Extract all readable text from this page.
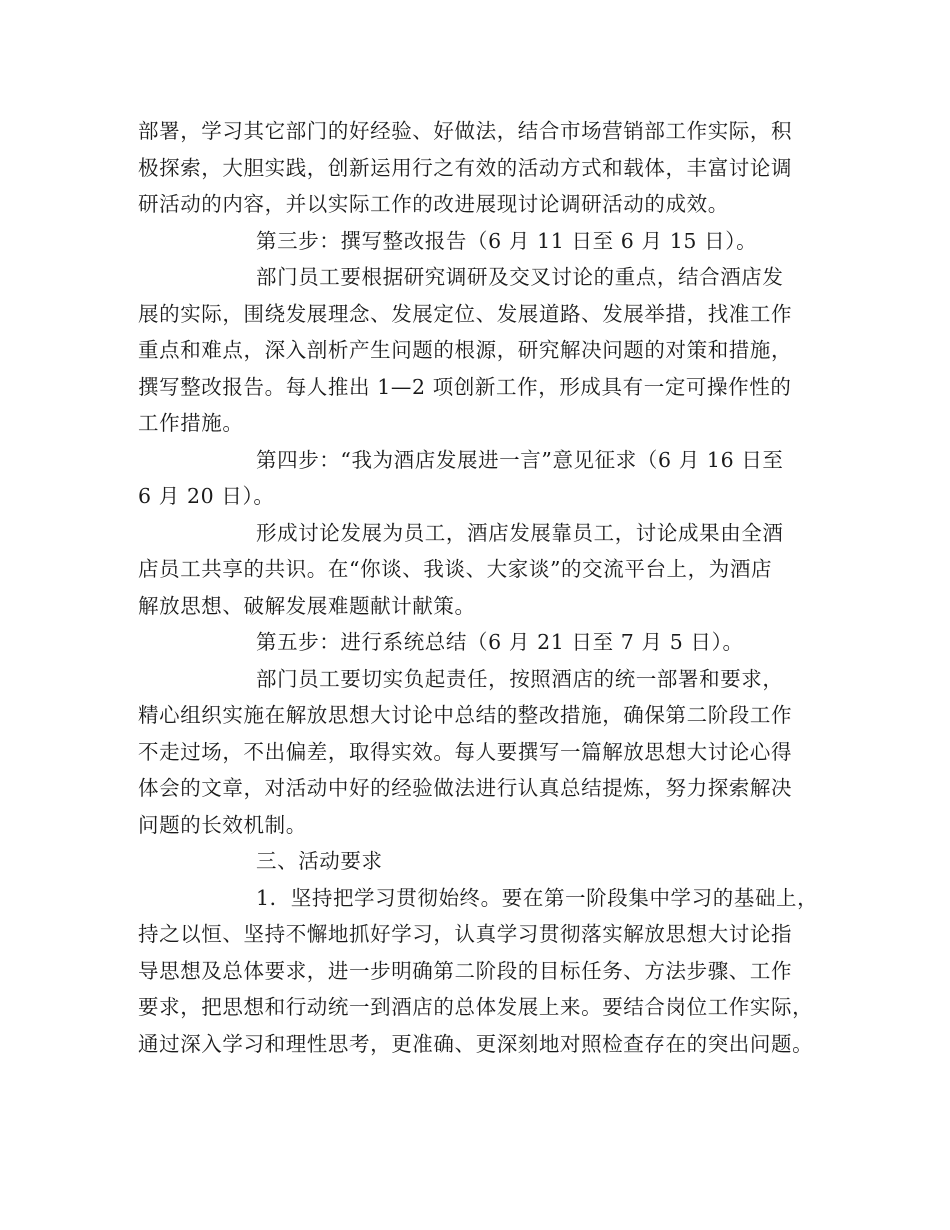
部署，学习其它部门的好经验、好做法，结合市场营销部工作实际，积
极探索，大胆实践，创新运用行之有效的活动方式和载体，丰富讨论调
研活动的内容，并以实际工作的改进展现讨论调研活动的成效。
第三步：撰写整改报告（6 月 11 日至 6 月 15 日）。
部门员工要根据研究调研及交叉讨论的重点，结合酒店发
展的实际，围绕发展理念、发展定位、发展道路、发展举措，找准工作
重点和难点，深入剖析产生问题的根源，研究解决问题的对策和措施，
撰写整改报告。每人推出 1—2 项创新工作，形成具有一定可操作性的
工作措施。
第四步：“我为酒店发展进一言”意见征求（6 月 16 日至
6 月 20 日）。
形成讨论发展为员工，酒店发展靠员工，讨论成果由全酒
店员工共享的共识。在“你谈、我谈、大家谈”的交流平台上，为酒店
解放思想、破解发展难题献计献策。
第五步：进行系统总结（6 月 21 日至 7 月 5 日）。
部门员工要切实负起责任，按照酒店的统一部署和要求，
精心组织实施在解放思想大讨论中总结的整改措施，确保第二阶段工作
不走过场，不出偏差，取得实效。每人要撰写一篇解放思想大讨论心得
体会的文章，对活动中好的经验做法进行认真总结提炼，努力探索解决
问题的长效机制。
三、活动要求
1．坚持把学习贯彻始终。要在第一阶段集中学习的基础上，
持之以恒、坚持不懈地抓好学习，认真学习贯彻落实解放思想大讨论指
导思想及总体要求，进一步明确第二阶段的目标任务、方法步骤、工作
要求，把思想和行动统一到酒店的总体发展上来。要结合岗位工作实际，
通过深入学习和理性思考，更准确、更深刻地对照检查存在的突出问题。
